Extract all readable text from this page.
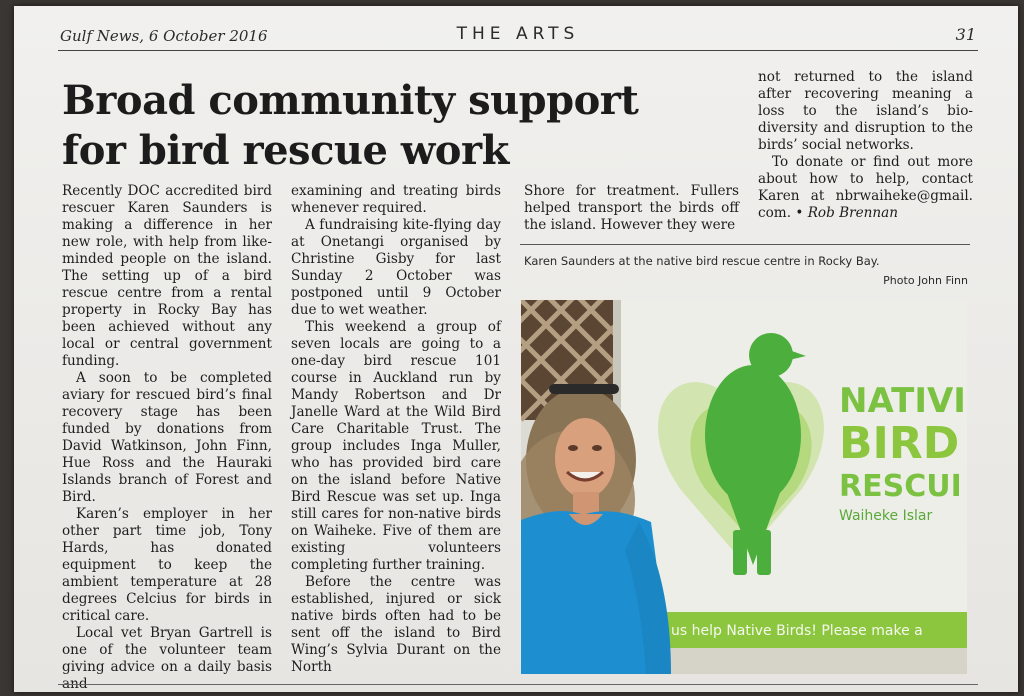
Gulf News, 6 October 2016	THE ARTS	31
Broad community support
for bird rescue work

Recently DOC accredited bird rescuer Karen Saunders is making a difference in her new role, with help from like-minded people on the island. The setting up of a bird rescue centre from a rental property in Rocky Bay has been achieved without any local or central government funding.

A soon to be completed aviary for rescued bird’s final recovery stage has been funded by donations from David Watkinson, John Finn, Hue Ross and the Hauraki Islands branch of Forest and Bird.

Karen’s employer in her other part time job, Tony Hards, has donated equipment to keep the ambient temperature at 28 degrees Celcius for birds in critical care.

Local vet Bryan Gartrell is one of the volunteer team giving advice on a daily basis and

examining and treating birds whenever required.

A fundraising kite-flying day at Onetangi organised by Christine Gisby for last Sunday 2 October was postponed until 9 October due to wet weather.

This weekend a group of seven locals are going to a one-day bird rescue 101 course in Auckland run by Mandy Robertson and Dr Janelle Ward at the Wild Bird Care Charitable Trust. The group includes Inga Muller, who has provided bird care on the island before Native Bird Rescue was set up. Inga still cares for non-native birds on Waiheke. Five of them are existing volunteers completing further training.

Before the centre was established, injured or sick native birds often had to be sent off the island to Bird Wing’s Sylvia Durant on the North

Shore for treatment. Fullers helped transport the birds off the island. However they were

not returned to the island after recovering meaning a loss to the island’s bio-diversity and disruption to the birds’ social networks.

To donate or find out more about how to help, contact Karen at nbrwaiheke@gmail. com. • Rob Brennan

Karen Saunders at the native bird rescue centre in Rocky Bay.
Photo John Finn
NATIVI
BIRD
RESCUI
Waiheke Islar
us help Native Birds! Please make a
